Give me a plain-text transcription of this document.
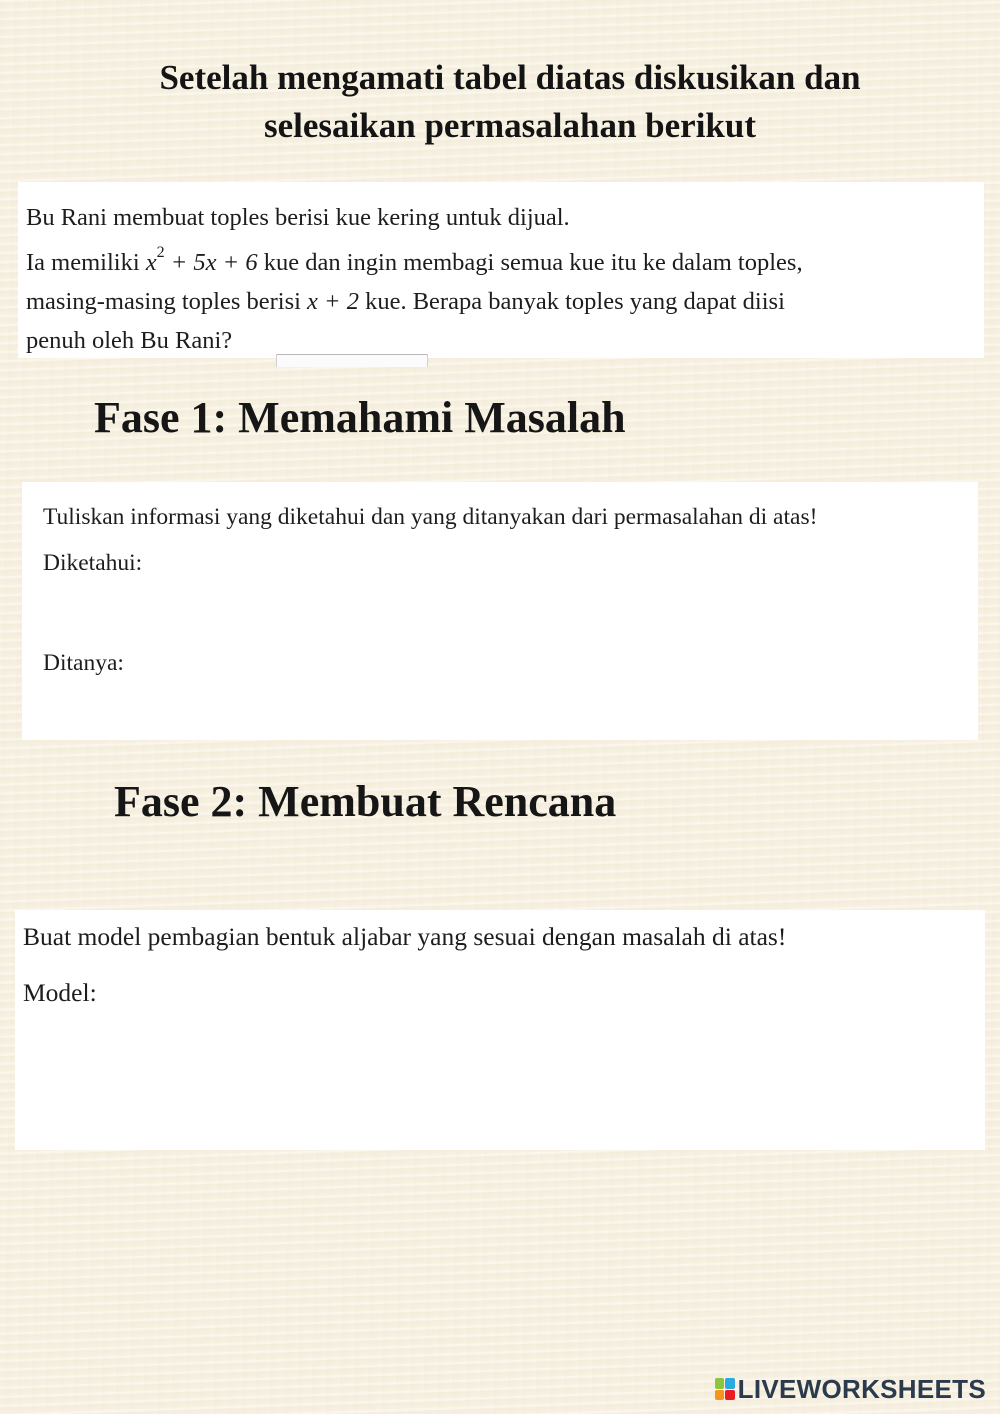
Setelah mengamati tabel diatas diskusikan dan
selesaikan permasalahan berikut
Bu Rani membuat toples berisi kue kering untuk dijual.
Ia memiliki $x^2 + 5x + 6$ kue dan ingin membagi semua kue itu ke dalam toples,
masing-masing toples berisi x + 2 kue. Berapa banyak toples yang dapat diisi
penuh oleh Bu Rani?
Fase 1: Memahami Masalah
Tuliskan informasi yang diketahui dan yang ditanyakan dari permasalahan di atas!
Diketahui:
Ditanya:
Fase 2: Membuat Rencana
Buat model pembagian bentuk aljabar yang sesuai dengan masalah di atas!
Model:
LIVEWORKSHEETS
